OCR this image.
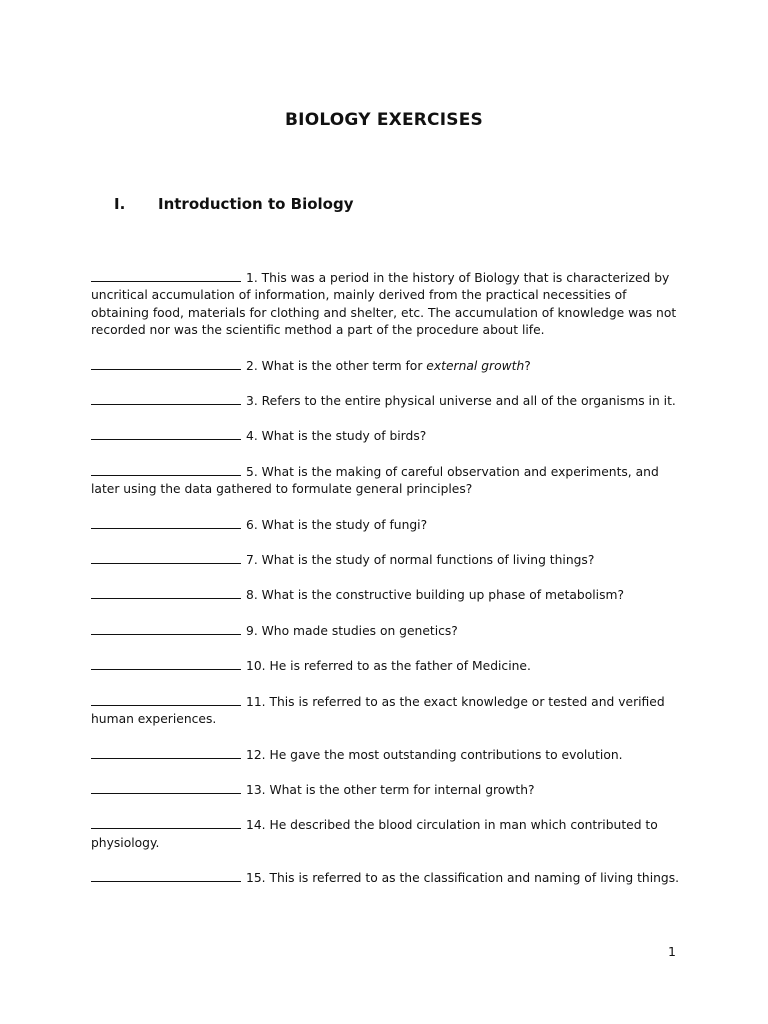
BIOLOGY EXERCISES
I. Introduction to Biology
1. This was a period in the history of Biology that is characterized by uncritical accumulation of information, mainly derived from the practical necessities of obtaining food, materials for clothing and shelter, etc. The accumulation of knowledge was not recorded nor was the scientific method a part of the procedure about life.
2. What is the other term for external growth?
3. Refers to the entire physical universe and all of the organisms in it.
4. What is the study of birds?
5. What is the making of careful observation and experiments, and later using the data gathered to formulate general principles?
6. What is the study of fungi?
7. What is the study of normal functions of living things?
8. What is the constructive building up phase of metabolism?
9. Who made studies on genetics?
10. He is referred to as the father of Medicine.
11. This is referred to as the exact knowledge or tested and verified human experiences.
12. He gave the most outstanding contributions to evolution.
13. What is the other term for internal growth?
14. He described the blood circulation in man which contributed to physiology.
15. This is referred to as the classification and naming of living things.
1
